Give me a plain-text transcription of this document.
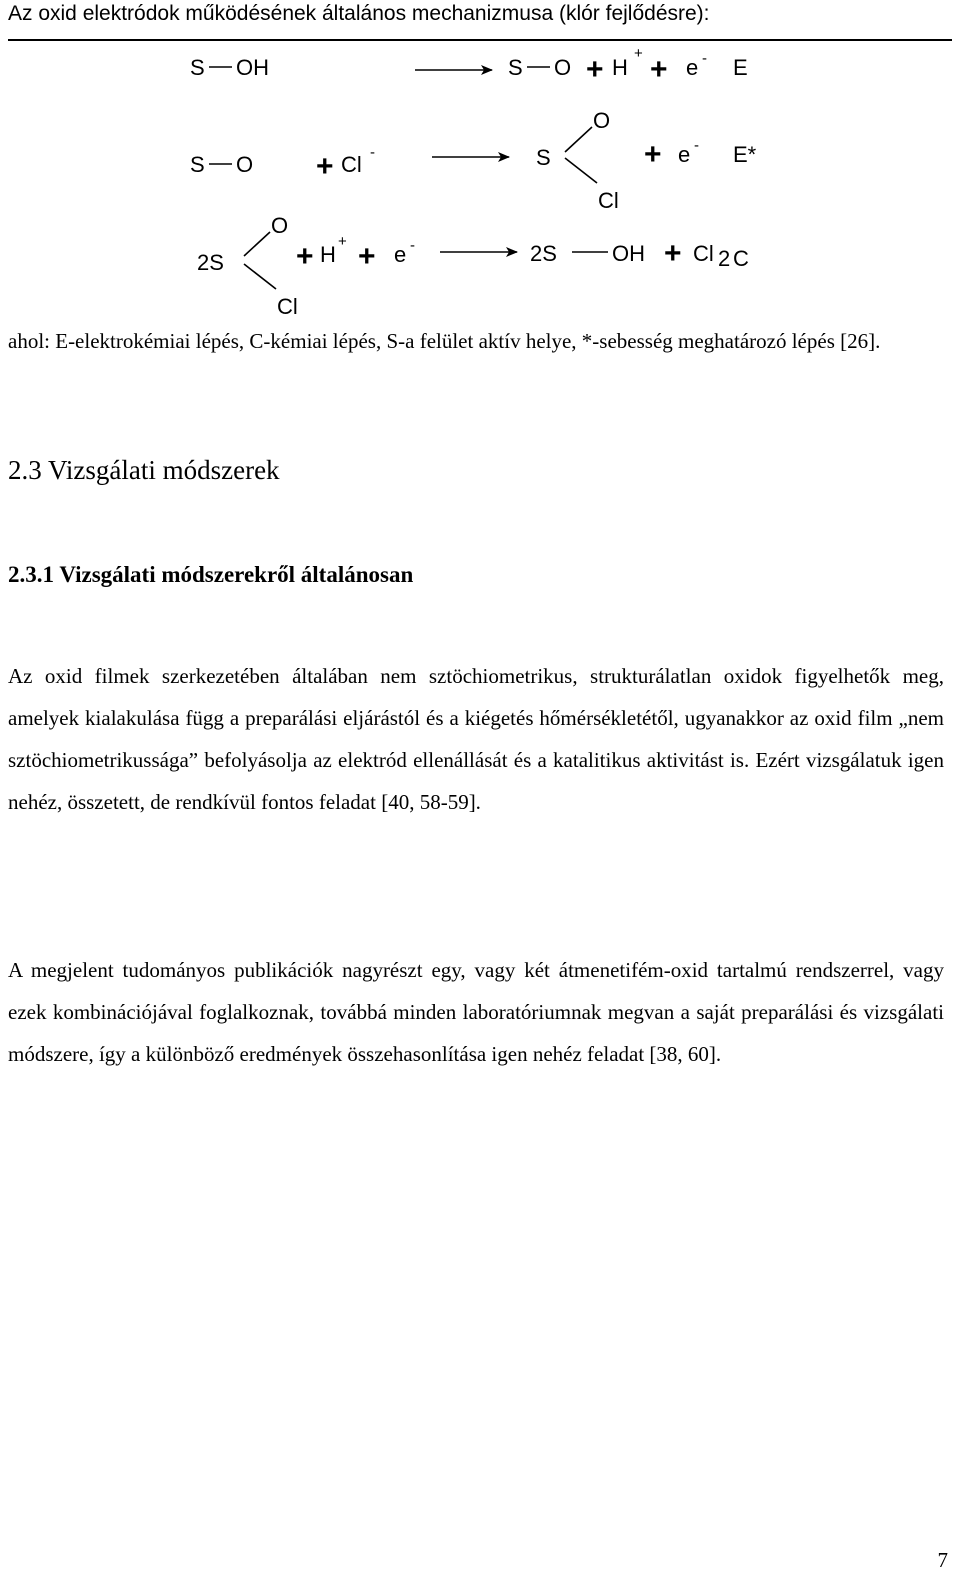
Az oxid elektródok működésének általános mechanizmusa (klór fejlődésre):
S OH	S O + H
+ + e - E
S O + Cl -	S
O
Cl
+ e - E*
2S
O
Cl
+ H
+ + e -	2S	OH + Cl 2 C
ahol: E-elektrokémiai lépés, C-kémiai lépés, S-a felület aktív helye, *-sebesség meghatározó lépés [26].
2.3 Vizsgálati módszerek
2.3.1 Vizsgálati módszerekről általánosan
Az oxid filmek szerkezetében általában nem sztöchiometrikus, strukturálatlan oxidok figyelhetők meg, amelyek kialakulása függ a preparálási eljárástól és a kiégetés hőmérsékletétől, ugyanakkor az oxid film „nem sztöchiometrikussága” befolyásolja az elektród ellenállását és a katalitikus aktivitást is. Ezért vizsgálatuk igen nehéz, összetett, de rendkívül fontos feladat [40, 58-59].
A megjelent tudományos publikációk nagyrészt egy, vagy két átmenetifém-oxid tartalmú rendszerrel, vagy ezek kombinációjával foglalkoznak, továbbá minden laboratóriumnak megvan a saját preparálási és vizsgálati módszere, így a különböző eredmények összehasonlítása igen nehéz feladat [38, 60].
7
